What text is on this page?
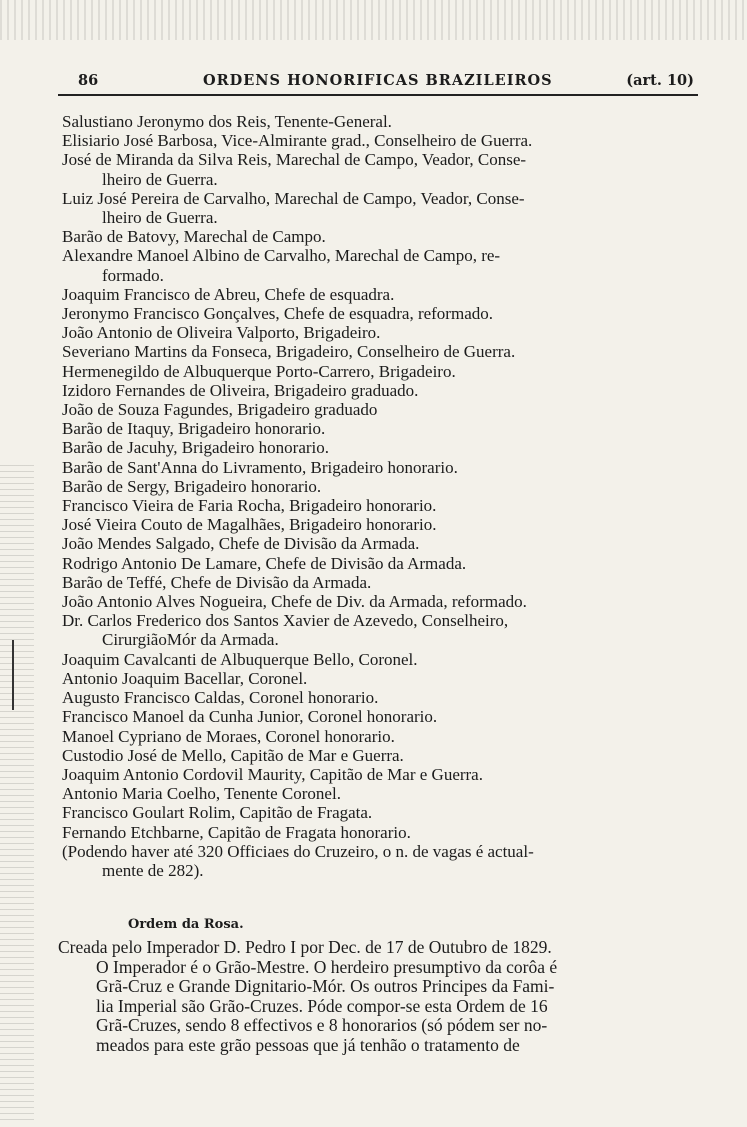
86	ORDENS HONORIFICAS BRAZILEIROS	(art. 10)
Salustiano Jeronymo dos Reis, Tenente-General.
Elisiario José Barbosa, Vice-Almirante grad., Conselheiro de Guerra.
José de Miranda da Silva Reis, Marechal de Campo, Veador, Conse-
lheiro de Guerra.
Luiz José Pereira de Carvalho, Marechal de Campo, Veador, Conse-
lheiro de Guerra.
Barão de Batovy, Marechal de Campo.
Alexandre Manoel Albino de Carvalho, Marechal de Campo, re-
formado.
Joaquim Francisco de Abreu, Chefe de esquadra.
Jeronymo Francisco Gonçalves, Chefe de esquadra, reformado.
João Antonio de Oliveira Valporto, Brigadeiro.
Severiano Martins da Fonseca, Brigadeiro, Conselheiro de Guerra.
Hermenegildo de Albuquerque Porto-Carrero, Brigadeiro.
Izidoro Fernandes de Oliveira, Brigadeiro graduado.
João de Souza Fagundes, Brigadeiro graduado
Barão de Itaquy, Brigadeiro honorario.
Barão de Jacuhy, Brigadeiro honorario.
Barão de Sant'Anna do Livramento, Brigadeiro honorario.
Barão de Sergy, Brigadeiro honorario.
Francisco Vieira de Faria Rocha, Brigadeiro honorario.
José Vieira Couto de Magalhães, Brigadeiro honorario.
João Mendes Salgado, Chefe de Divisão da Armada.
Rodrigo Antonio De Lamare, Chefe de Divisão da Armada.
Barão de Teffé, Chefe de Divisão da Armada.
João Antonio Alves Nogueira, Chefe de Div. da Armada, reformado.
Dr. Carlos Frederico dos Santos Xavier de Azevedo, Conselheiro,
CirurgiãoMór da Armada.
Joaquim Cavalcanti de Albuquerque Bello, Coronel.
Antonio Joaquim Bacellar, Coronel.
Augusto Francisco Caldas, Coronel honorario.
Francisco Manoel da Cunha Junior, Coronel honorario.
Manoel Cypriano de Moraes, Coronel honorario.
Custodio José de Mello, Capitão de Mar e Guerra.
Joaquim Antonio Cordovil Maurity, Capitão de Mar e Guerra.
Antonio Maria Coelho, Tenente Coronel.
Francisco Goulart Rolim, Capitão de Fragata.
Fernando Etchbarne, Capitão de Fragata honorario.
(Podendo haver até 320 Officiaes do Cruzeiro, o n. de vagas é actual-
mente de 282).
Ordem da Rosa.
Creada pelo Imperador D. Pedro I por Dec. de 17 de Outubro de 1829.
O Imperador é o Grão-Mestre. O herdeiro presumptivo da corôa é
Grã-Cruz e Grande Dignitario-Mór. Os outros Principes da Fami-
lia Imperial são Grão-Cruzes. Póde compor-se esta Ordem de 16
Grã-Cruzes, sendo 8 effectivos e 8 honorarios (só pódem ser no-
meados para este grão pessoas que já tenhão o tratamento de
